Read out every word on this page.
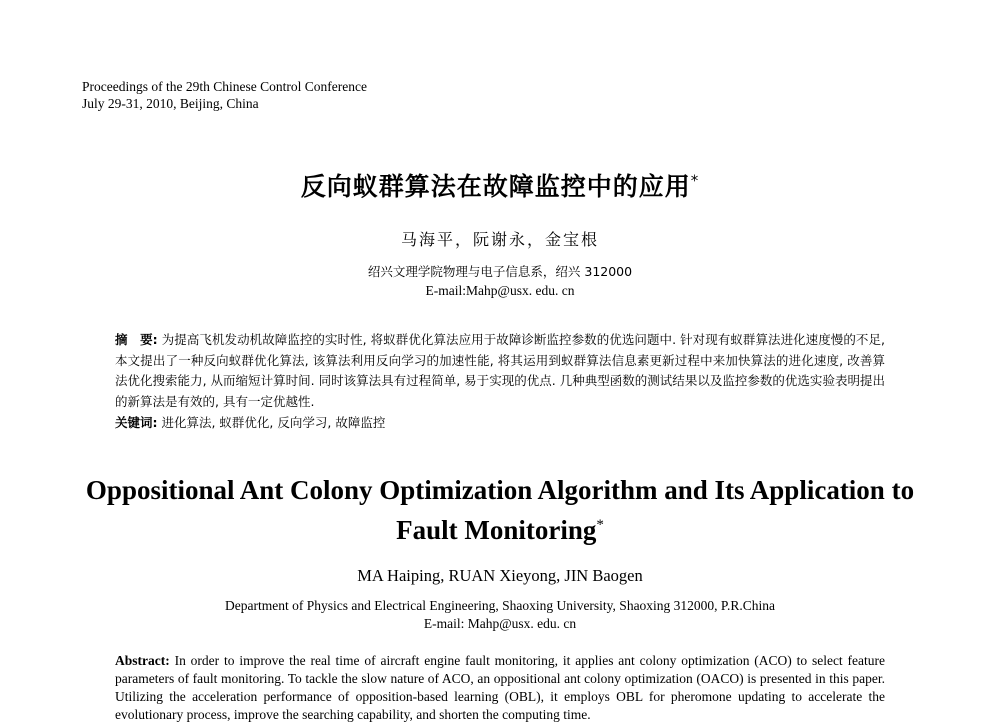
Proceedings of the 29th Chinese Control Conference
July 29-31, 2010, Beijing, China
反向蚁群算法在故障监控中的应用*
马海平，阮谢永，金宝根
绍兴文理学院物理与电子信息系，绍兴 312000
E-mail:Mahp@usx. edu. cn
摘　要: 为提高飞机发动机故障监控的实时性, 将蚁群优化算法应用于故障诊断监控参数的优选问题中. 针对现有蚁群算法进化速度慢的不足, 本文提出了一种反向蚁群优化算法, 该算法利用反向学习的加速性能, 将其运用到蚁群算法信息素更新过程中来加快算法的进化速度, 改善算法优化搜索能力, 从而缩短计算时间. 同时该算法具有过程简单, 易于实现的优点. 几种典型函数的测试结果以及监控参数的优选实验表明提出的新算法是有效的, 具有一定优越性.
关键词: 进化算法, 蚁群优化, 反向学习, 故障监控
Oppositional Ant Colony Optimization Algorithm and Its Application to
Fault Monitoring*
MA Haiping, RUAN Xieyong, JIN Baogen
Department of Physics and Electrical Engineering, Shaoxing University, Shaoxing 312000, P.R.China
E-mail: Mahp@usx. edu. cn
Abstract: In order to improve the real time of aircraft engine fault monitoring, it applies ant colony optimization (ACO) to select feature parameters of fault monitoring. To tackle the slow nature of ACO, an oppositional ant colony optimization (OACO) is presented in this paper. Utilizing the acceleration performance of opposition-based learning (OBL), it employs OBL for pheromone updating to accelerate the evolutionary process, improve the searching capability, and shorten the computing time.
